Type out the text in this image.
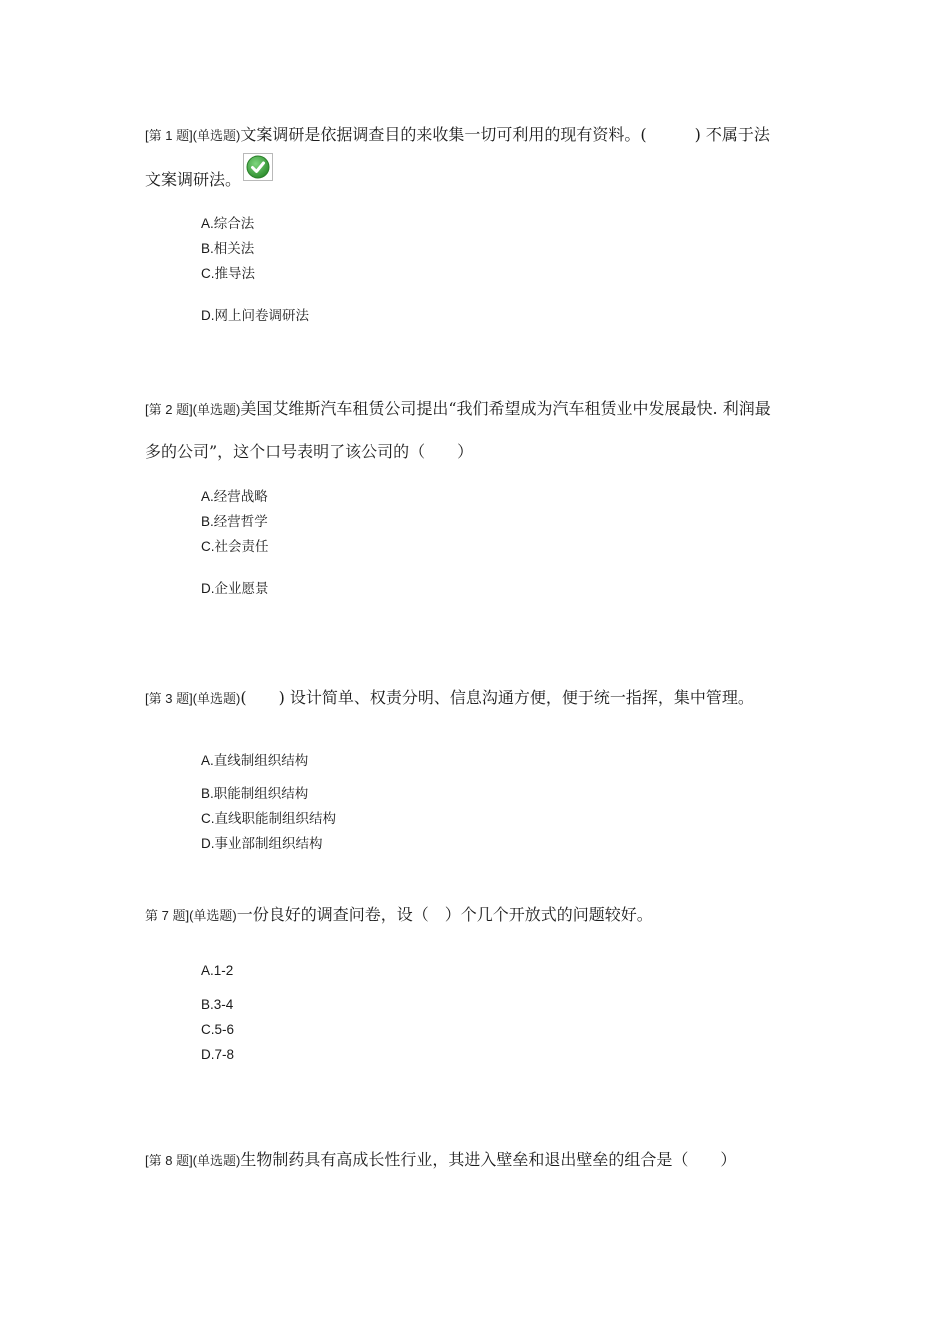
[第 1 题](单选题)文案调研是依据调查目的来收集一切可利用的现有资料。(　　　) 不属于法
文案调研法。
A.综合法
B.相关法
C.推导法
D.网上问卷调研法
[第 2 题](单选题)美国艾维斯汽车租赁公司提出“我们希望成为汽车租赁业中发展最快. 利润最
多的公司”，这个口号表明了该公司的（　　）
A.经营战略
B.经营哲学
C.社会责任
D.企业愿景
[第 3 题](单选题)(　　) 设计简单、权责分明、信息沟通方便，便于统一指挥，集中管理。
A.直线制组织结构
B.职能制组织结构
C.直线职能制组织结构
D.事业部制组织结构
第 7 题](单选题)一份良好的调查问卷，设（　）个几个开放式的问题较好。
A.1-2
B.3-4
C.5-6
D.7-8
[第 8 题](单选题)生物制药具有高成长性行业，其进入壁垒和退出壁垒的组合是（　　）
